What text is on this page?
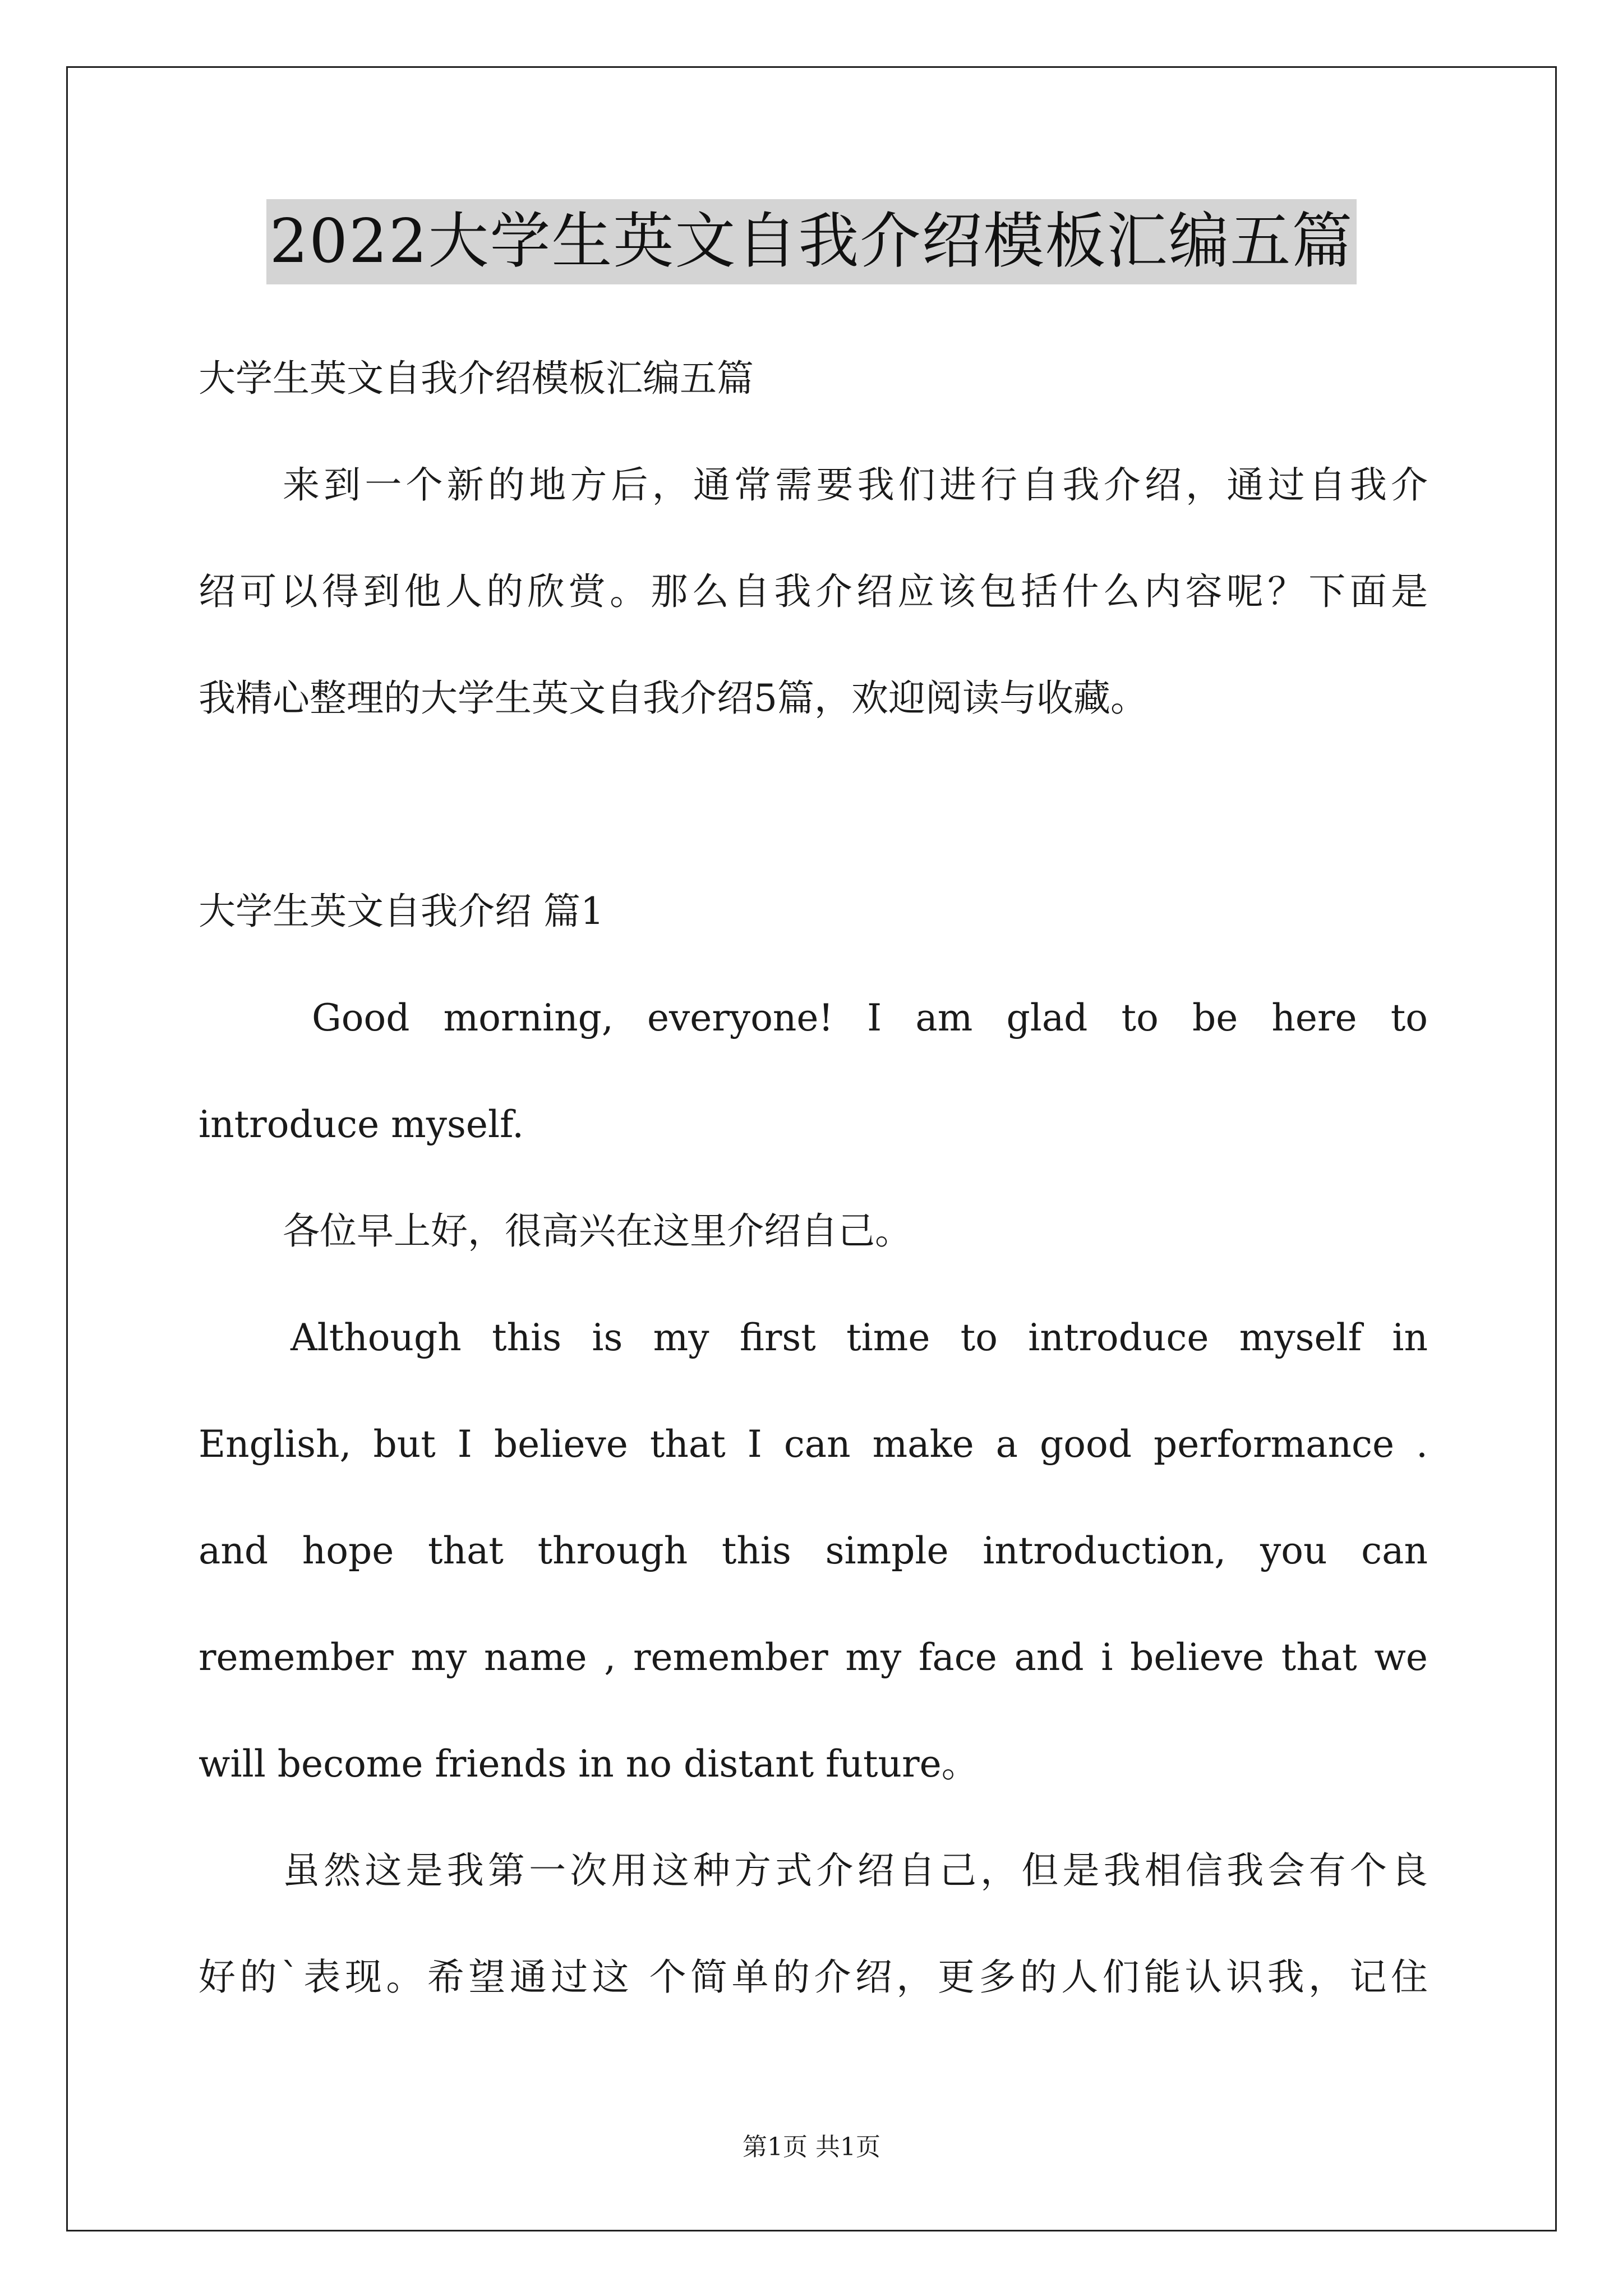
2022大学生英文自我介绍模板汇编五篇
大学生英文自我介绍模板汇编五篇
来到一个新的地方后，通常需要我们进行自我介绍，通过自我介
绍可以得到他人的欣赏。那么自我介绍应该包括什么内容呢？下面是
我精心整理的大学生英文自我介绍5篇，欢迎阅读与收藏。
大学生英文自我介绍 篇1
Good morning, everyone! I am glad to be here to
introduce myself.
各位早上好，很高兴在这里介绍自己。
Although this is my first time to introduce myself in
English, but I believe that I can make a good performance .
and hope that through this simple introduction, you can
remember my name , remember my face and i believe that we
will become friends in no distant future。
虽然这是我第一次用这种方式介绍自己，但是我相信我会有个良
好的`表现。希望通过这 个简单的介绍，更多的人们能认识我，记住
第1页 共1页
